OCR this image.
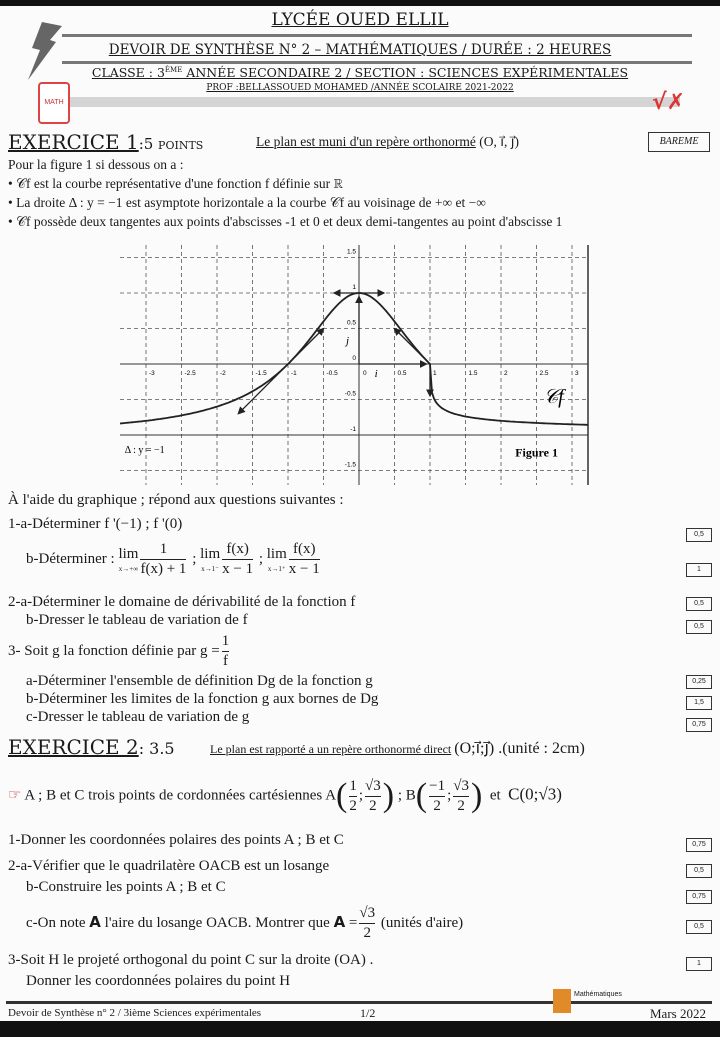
LYCÉE OUED ELLIL
DEVOIR DE SYNTHÈSE N° 2 – MATHÉMATIQUES / DURÉE : 2 HEURES
CLASSE : 3ÈME ANNÉE SECONDAIRE 2 / SECTION : SCIENCES EXPÉRIMENTALES
PROF :BELLASSOUED MOHAMED /ANNÉE SCOLAIRE 2021-2022
MATH	√✗
EXERCICE 1:5 points	Le plan est muni d'un repère orthonormé (O, i⃗, j⃗)	BAREME
Pour la figure 1 si dessous on a :
• 𝒞f est la courbe représentative d'une fonction f définie sur ℝ
• La droite Δ : y = −1 est asymptote horizontale a la courbe 𝒞f au voisinage de +∞ et −∞
• 𝒞f possède deux tangentes aux points d'abscisses -1 et 0 et deux demi-tangentes au point d'abscisse 1
-3	-2.5	-2	-1.5	-1	-0.5	0	0.5	1	1.5	2	2.5	3
1.5
1
0.5
0
-0.5
-1
-1.5
i⃗
j⃗
Δ : y = −1
𝒞f
Figure 1
À l'aide du graphique ; répond aux questions suivantes :
1-a-Déterminer f '(−1) ; f '(0)
b-Déterminer : lim
$x\to+\infty \frac{1}{f(x) + 1}$ ; lim
$x\to 1^- \frac{f(x)}{x - 1}$ ; lim
$x\to 1^+ \frac{f(x)}{x - 1}$
2-a-Déterminer le domaine de dérivabilité de la fonction f
b-Dresser le tableau de variation de f
3- Soit g la fonction définie par $g = \frac{1}{f}$
a-Déterminer l'ensemble de définition Dg de la fonction g
b-Déterminer les limites de la fonction g aux bornes de Dg
c-Dresser le tableau de variation de g
0,5
1
0,5
0,5
0,25
1,5
0,75
EXERCICE 2: 3.5	Le plan est rapporté a un repère orthonormé direct (O;i⃗;j⃗) .(unité : 2cm)
☞ A ; B et C trois points de cordonnées cartésiennes $A( \frac{1}{2}$ ; $\frac{√3}{2}$ ) ; $B( \frac{-1}{2}$ ; $\frac{√3}{2}$ ) et C(0;√3)
1-Donner les coordonnées polaires des points A ; B et C
2-a-Vérifier que le quadrilatère OACB est un losange
b-Construire les points A ; B et C
c-On note 𝗔 l'aire du losange OACB. Montrer que 𝗔 = $\frac{√3}{2}$ (unités d'aire)
3-Soit H le projeté orthogonal du point C sur la droite (OA) .
Donner les coordonnées polaires du point H
0,75
0,5
0,75
0,5
1
Mathématiques
Devoir de Synthèse n° 2 / 3ième Sciences expérimentales	1/2	Mars 2022
